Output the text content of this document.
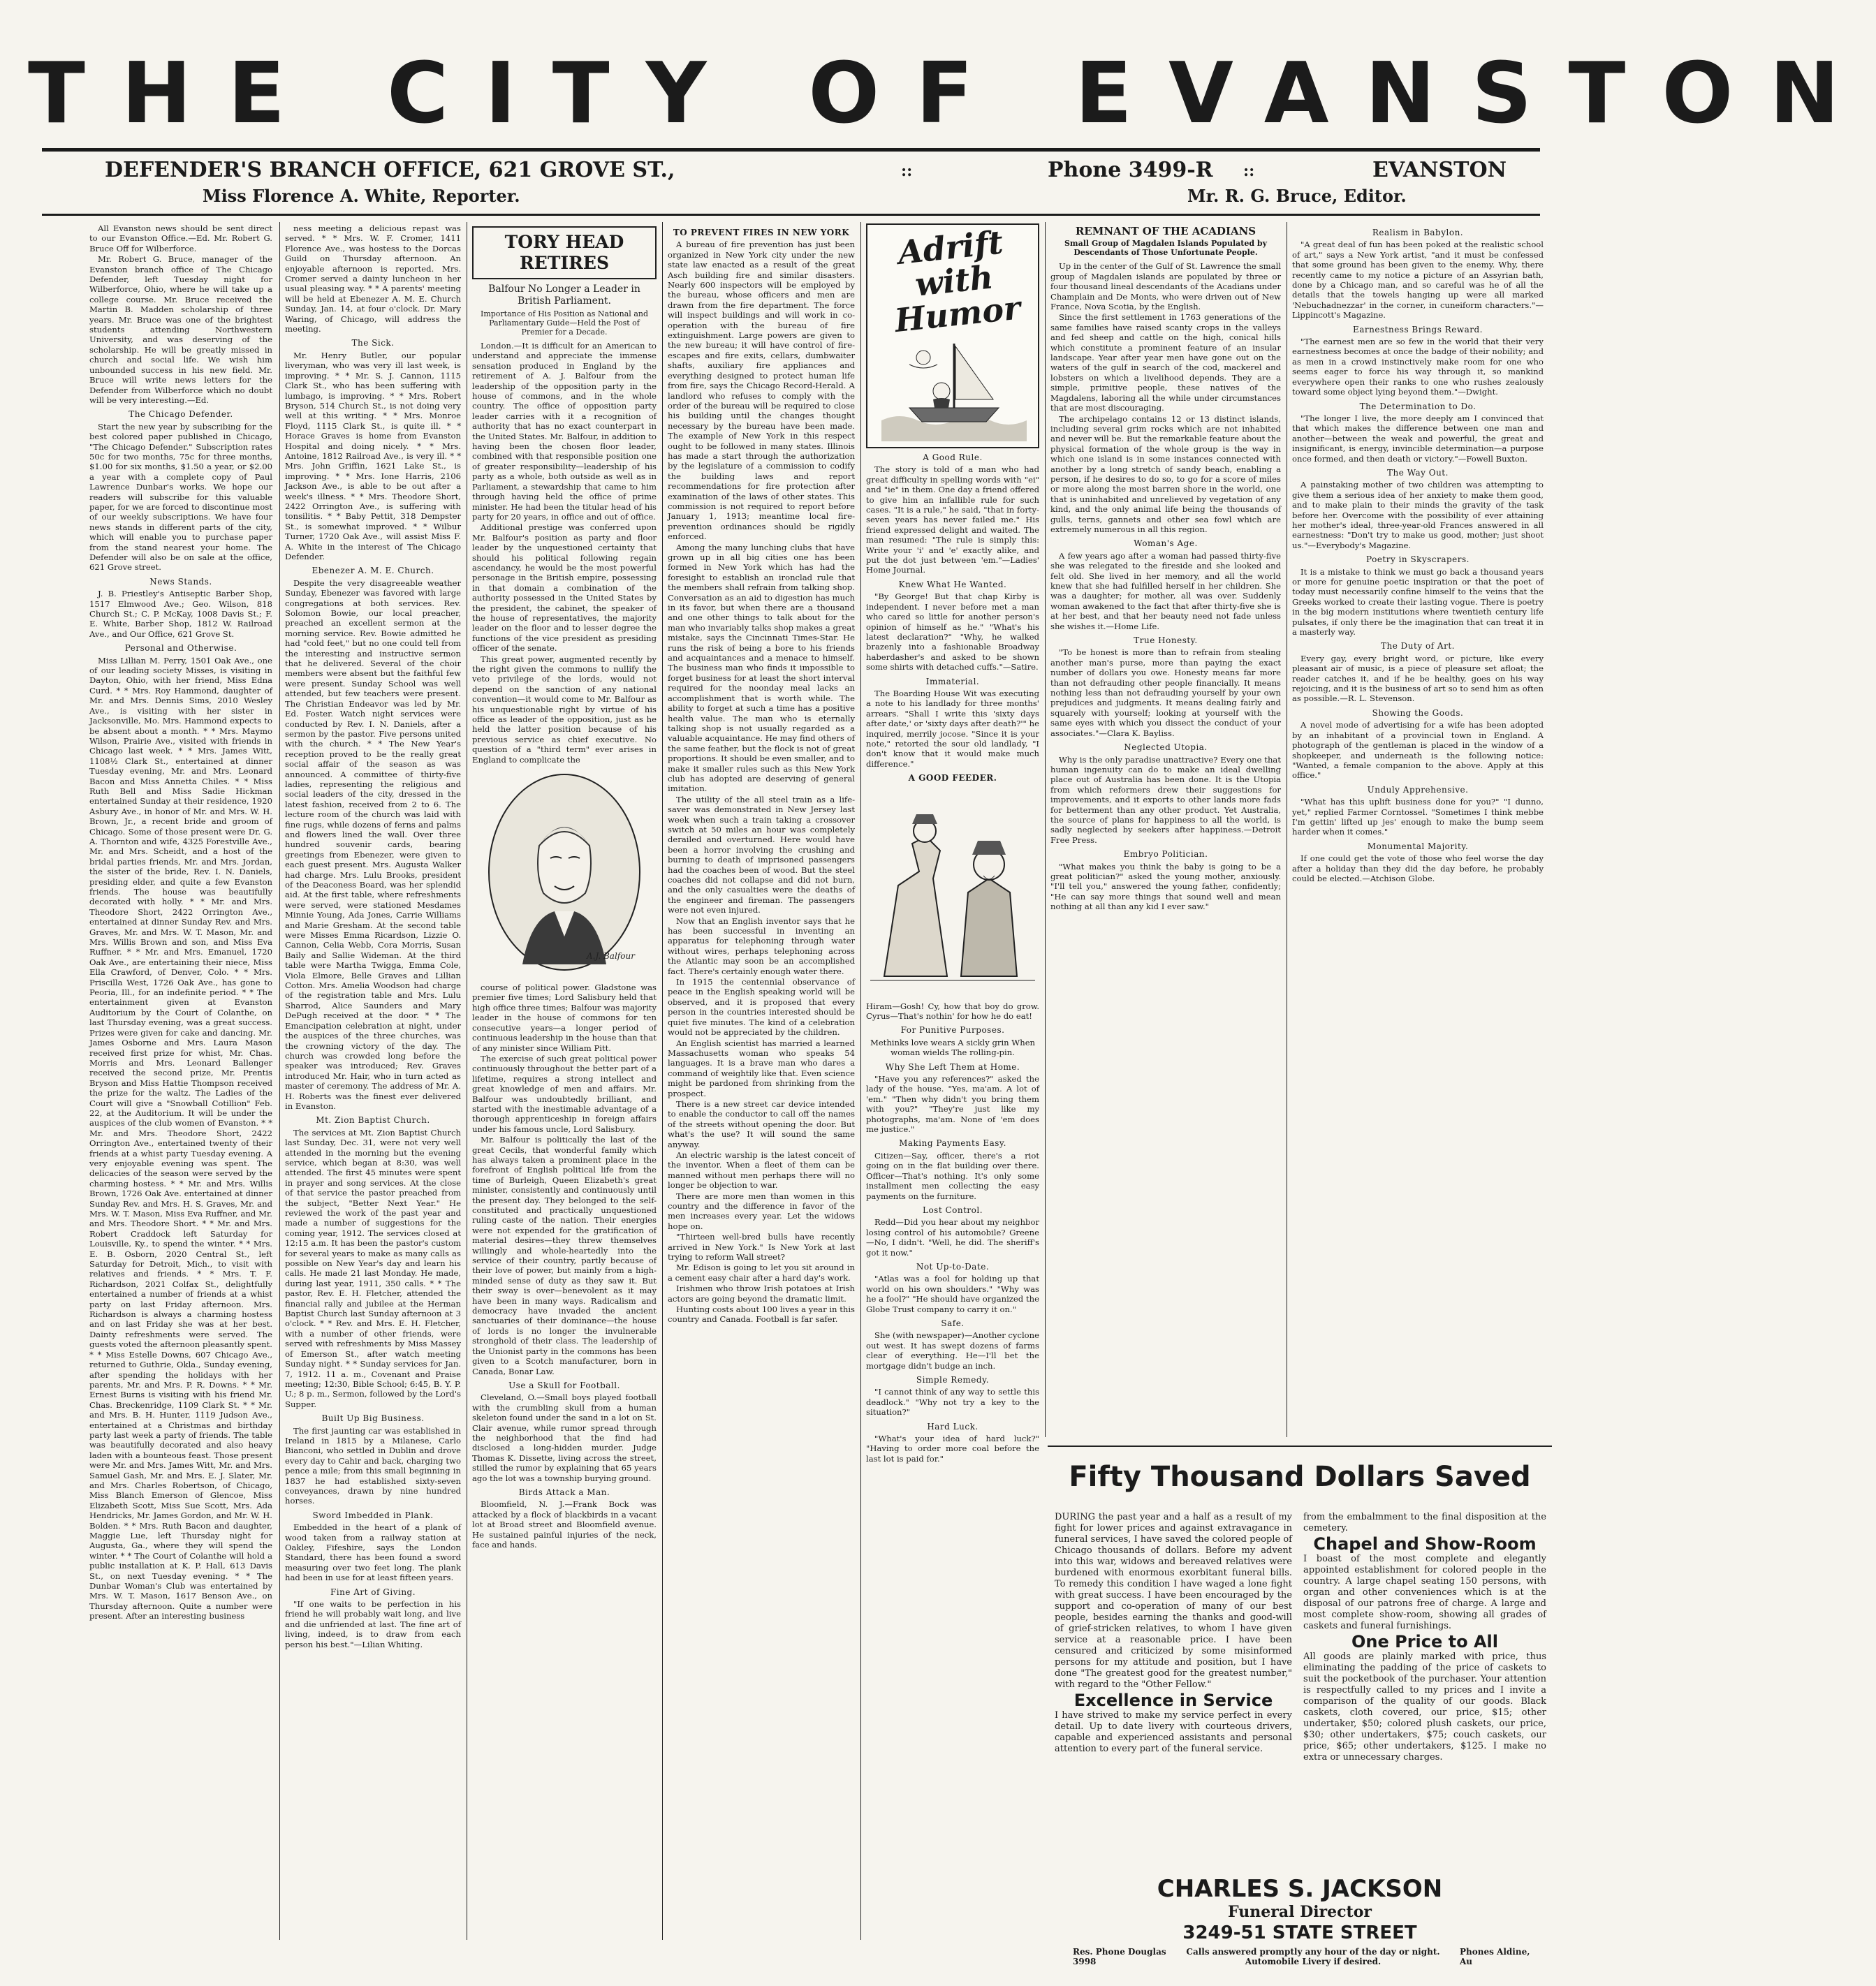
THE CITY OF EVANSTON
DEFENDER'S BRANCH OFFICE, 621 GROVE ST.,	::	Phone 3499-R ::	EVANSTON
Miss Florence A. White, Reporter.	Mr. R. G. Bruce, Editor.

All Evanston news should be sent direct to our Evanston Office.—Ed. Mr. Robert G. Bruce Off for Wilberforce.

Mr. Robert G. Bruce, manager of the Evanston branch office of The Chicago Defender, left Tuesday night for Wilberforce, Ohio, where he will take up a college course. Mr. Bruce received the Martin B. Madden scholarship of three years. Mr. Bruce was one of the brightest students attending Northwestern University, and was deserving of the scholarship. He will be greatly missed in church and social life. We wish him unbounded success in his new field. Mr. Bruce will write news letters for the Defender from Wilberforce which no doubt will be very interesting.—Ed.

The Chicago Defender.

Start the new year by subscribing for the best colored paper published in Chicago, "The Chicago Defender." Subscription rates 50c for two months, 75c for three months, $1.00 for six months, $1.50 a year, or $2.00 a year with a complete copy of Paul Lawrence Dunbar's works. We hope our readers will subscribe for this valuable paper, for we are forced to discontinue most of our weekly subscriptions. We have four news stands in different parts of the city, which will enable you to purchase paper from the stand nearest your home. The Defender will also be on sale at the office, 621 Grove street.

News Stands.

J. B. Priestley's Antiseptic Barber Shop, 1517 Elmwood Ave.; Geo. Wilson, 818 Church St.; C. P. McKay, 1008 Davis St.; F. E. White, Barber Shop, 1812 W. Railroad Ave., and Our Office, 621 Grove St.

Personal and Otherwise.

Miss Lillian M. Perry, 1501 Oak Ave., one of our leading society Misses, is visiting in Dayton, Ohio, with her friend, Miss Edna Curd. * * Mrs. Roy Hammond, daughter of Mr. and Mrs. Dennis Sims, 2010 Wesley Ave., is visiting with her sister in Jacksonville, Mo. Mrs. Hammond expects to be absent about a month. * * Mrs. Maymo Wilson, Prairie Ave., visited with friends in Chicago last week. * * Mrs. James Witt, 1108½ Clark St., entertained at dinner Tuesday evening, Mr. and Mrs. Leonard Bacon and Miss Annetta Chiles. * * Miss Ruth Bell and Miss Sadie Hickman entertained Sunday at their residence, 1920 Asbury Ave., in honor of Mr. and Mrs. W. H. Brown, Jr., a recent bride and groom of Chicago. Some of those present were Dr. G. A. Thornton and wife, 4325 Forestville Ave., Mr. and Mrs. Scheidt, and a host of the bridal parties friends, Mr. and Mrs. Jordan, the sister of the bride, Rev. I. N. Daniels, presiding elder, and quite a few Evanston friends. The house was beautifully decorated with holly. * * Mr. and Mrs. Theodore Short, 2422 Orrington Ave., entertained at dinner Sunday Rev. and Mrs. Graves, Mr. and Mrs. W. T. Mason, Mr. and Mrs. Willis Brown and son, and Miss Eva Ruffner. * * Mr. and Mrs. Emanuel, 1720 Oak Ave., are entertaining their niece, Miss Ella Crawford, of Denver, Colo. * * Mrs. Priscilla West, 1726 Oak Ave., has gone to Peoria, Ill., for an indefinite period. * * The entertainment given at Evanston Auditorium by the Court of Colanthe, on last Thursday evening, was a great success. Prizes were given for cake and dancing. Mr. James Osborne and Mrs. Laura Mason received first prize for whist, Mr. Chas. Morris and Mrs. Leonard Ballenger received the second prize, Mr. Prentis Bryson and Miss Hattie Thompson received the prize for the waltz. The Ladies of the Court will give a "Snowball Cotillion" Feb. 22, at the Auditorium. It will be under the auspices of the club women of Evanston. * * Mr. and Mrs. Theodore Short, 2422 Orrington Ave., entertained twenty of their friends at a whist party Tuesday evening. A very enjoyable evening was spent. The delicacies of the season were served by the charming hostess. * * Mr. and Mrs. Willis Brown, 1726 Oak Ave. entertained at dinner Sunday Rev. and Mrs. H. S. Graves, Mr. and Mrs. W. T. Mason, Miss Eva Ruffner, and Mr. and Mrs. Theodore Short. * * Mr. and Mrs. Robert Craddock left Saturday for Louisville, Ky., to spend the winter. * * Mrs. E. B. Osborn, 2020 Central St., left Saturday for Detroit, Mich., to visit with relatives and friends. * * Mrs. T. F. Richardson, 2021 Colfax St., delightfully entertained a number of friends at a whist party on last Friday afternoon. Mrs. Richardson is always a charming hostess and on last Friday she was at her best. Dainty refreshments were served. The guests voted the afternoon pleasantly spent. * * Miss Estelle Downs, 607 Chicago Ave., returned to Guthrie, Okla., Sunday evening, after spending the holidays with her parents, Mr. and Mrs. P. R. Downs. * * Mr. Ernest Burns is visiting with his friend Mr. Chas. Breckenridge, 1109 Clark St. * * Mr. and Mrs. B. H. Hunter, 1119 Judson Ave., entertained at a Christmas and birthday party last week a party of friends. The table was beautifully decorated and also heavy laden with a bounteous feast. Those present were Mr. and Mrs. James Witt, Mr. and Mrs. Samuel Gash, Mr. and Mrs. E. J. Slater, Mr. and Mrs. Charles Robertson, of Chicago, Miss Blanch Emerson of Glencoe, Miss Elizabeth Scott, Miss Sue Scott, Mrs. Ada Hendricks, Mr. James Gordon, and Mr. W. H. Bolden. * * Mrs. Ruth Bacon and daughter, Maggie Lue, left Thursday night for Augusta, Ga., where they will spend the winter. * * The Court of Colanthe will hold a public installation at K. P. Hall, 613 Davis St., on next Tuesday evening. * * The Dunbar Woman's Club was entertained by Mrs. W. T. Mason, 1617 Benson Ave., on Thursday afternoon. Quite a number were present. After an interesting business

ness meeting a delicious repast was served. * * Mrs. W. F. Cromer, 1411 Florence Ave., was hostess to the Dorcas Guild on Thursday afternoon. An enjoyable afternoon is reported. Mrs. Cromer served a dainty luncheon in her usual pleasing way. * * A parents' meeting will be held at Ebenezer A. M. E. Church Sunday, Jan. 14, at four o'clock. Dr. Mary Waring, of Chicago, will address the meeting.

The Sick.

Mr. Henry Butler, our popular liveryman, who was very ill last week, is improving. * * Mr. S. J. Cannon, 1115 Clark St., who has been suffering with lumbago, is improving. * * Mrs. Robert Bryson, 514 Church St., is not doing very well at this writing. * * Mrs. Monroe Floyd, 1115 Clark St., is quite ill. * * Horace Graves is home from Evanston Hospital and doing nicely. * * Mrs. Antoine, 1812 Railroad Ave., is very ill. * * Mrs. John Griffin, 1621 Lake St., is improving. * * Mrs. Ione Harris, 2106 Jackson Ave., is able to be out after a week's illness. * * Mrs. Theodore Short, 2422 Orrington Ave., is suffering with tonsilitis. * * Baby Pettit, 318 Dempster St., is somewhat improved. * * Wilbur Turner, 1720 Oak Ave., will assist Miss F. A. White in the interest of The Chicago Defender.

Ebenezer A. M. E. Church.

Despite the very disagreeable weather Sunday, Ebenezer was favored with large congregations at both services. Rev. Solomon Bowie, our local preacher, preached an excellent sermon at the morning service. Rev. Bowie admitted he had "cold feet," but no one could tell from the interesting and instructive sermon that he delivered. Several of the choir members were absent but the faithful few were present. Sunday School was well attended, but few teachers were present. The Christian Endeavor was led by Mr. Ed. Foster. Watch night services were conducted by Rev. I. N. Daniels, after a sermon by the pastor. Five persons united with the church. * * The New Year's reception proved to be the really great social affair of the season as was announced. A committee of thirty-five ladies, representing the religious and social leaders of the city, dressed in the latest fashion, received from 2 to 6. The lecture room of the church was laid with fine rugs, while dozens of ferns and palms and flowers lined the wall. Over three hundred souvenir cards, bearing greetings from Ebenezer, were given to each guest present. Mrs. Augusta Walker had charge. Mrs. Lulu Brooks, president of the Deaconess Board, was her splendid aid. At the first table, where refreshments were served, were stationed Mesdames Minnie Young, Ada Jones, Carrie Williams and Marie Gresham. At the second table were Misses Emma Ricardson, Lizzie O. Cannon, Celia Webb, Cora Morris, Susan Baily and Sallie Wideman. At the third table were Martha Twigga, Emma Cole, Viola Elmore, Belle Graves and Lillian Cotton. Mrs. Amelia Woodson had charge of the registration table and Mrs. Lulu Sharrod, Alice Saunders and Mary DePugh received at the door. * * The Emancipation celebration at night, under the auspices of the three churches, was the crowning victory of the day. The church was crowded long before the speaker was introduced; Rev. Graves introduced Mr. Hair, who in turn acted as master of ceremony. The address of Mr. A. H. Roberts was the finest ever delivered in Evanston.

Mt. Zion Baptist Church.

The services at Mt. Zion Baptist Church last Sunday, Dec. 31, were not very well attended in the morning but the evening service, which began at 8:30, was well attended. The first 45 minutes were spent in prayer and song services. At the close of that service the pastor preached from the subject, "Better Next Year." He reviewed the work of the past year and made a number of suggestions for the coming year, 1912. The services closed at 12:15 a.m. It has been the pastor's custom for several years to make as many calls as possible on New Year's day and learn his calls. He made 21 last Monday. He made, during last year, 1911, 350 calls. * * The pastor, Rev. E. H. Fletcher, attended the financial rally and jubilee at the Herman Baptist Church last Sunday afternoon at 3 o'clock. * * Rev. and Mrs. E. H. Fletcher, with a number of other friends, were served with refreshments by Miss Massey of Emerson St., after watch meeting Sunday night. * * Sunday services for Jan. 7, 1912. 11 a. m., Covenant and Praise meeting; 12:30, Bible School; 6:45, B. Y. P. U.; 8 p. m., Sermon, followed by the Lord's Supper.

Built Up Big Business.

The first jaunting car was established in Ireland in 1815 by a Milanese, Carlo Bianconi, who settled in Dublin and drove every day to Cahir and back, charging two pence a mile; from this small beginning in 1837 he had established sixty-seven conveyances, drawn by nine hundred horses.

Sword Imbedded in Plank.

Embedded in the heart of a plank of wood taken from a railway station at Oakley, Fifeshire, says the London Standard, there has been found a sword measuring over two feet long. The plank had been in use for at least fifteen years.

Fine Art of Giving.

"If one waits to be perfection in his friend he will probably wait long, and live and die unfriended at last. The fine art of living, indeed, is to draw from each person his best."—Lilian Whiting.

TORY HEAD RETIRES
Balfour No Longer a Leader in British Parliament.
Importance of His Position as National and Parliamentary Guide—Held the Post of Premier for a Decade.

London.—It is difficult for an American to understand and appreciate the immense sensation produced in England by the retirement of A. J. Balfour from the leadership of the opposition party in the house of commons, and in the whole country. The office of opposition party leader carries with it a recognition of authority that has no exact counterpart in the United States. Mr. Balfour, in addition to having been the chosen floor leader, combined with that responsible position one of greater responsibility—leadership of his party as a whole, both outside as well as in Parliament, a stewardship that came to him through having held the office of prime minister. He had been the titular head of his party for 20 years, in office and out of office.

Additional prestige was conferred upon Mr. Balfour's position as party and floor leader by the unquestioned certainty that should his political following regain ascendancy, he would be the most powerful personage in the British empire, possessing in that domain a combination of the authority possessed in the United States by the president, the cabinet, the speaker of the house of representatives, the majority leader on the floor and to lesser degree the functions of the vice president as presiding officer of the senate.

This great power, augmented recently by the right given the commons to nullify the veto privilege of the lords, would not depend on the sanction of any national convention—it would come to Mr. Balfour as his unquestionable right by virtue of his office as leader of the opposition, just as he held the latter position because of his previous service as chief executive. No question of a "third term" ever arises in England to complicate the

A.J. Balfour

course of political power. Gladstone was premier five times; Lord Salisbury held that high office three times; Balfour was majority leader in the house of commons for ten consecutive years—a longer period of continuous leadership in the house than that of any minister since William Pitt.

The exercise of such great political power continuously throughout the better part of a lifetime, requires a strong intellect and great knowledge of men and affairs. Mr. Balfour was undoubtedly brilliant, and started with the inestimable advantage of a thorough apprenticeship in foreign affairs under his famous uncle, Lord Salisbury.

Mr. Balfour is politically the last of the great Cecils, that wonderful family which has always taken a prominent place in the forefront of English political life from the time of Burleigh, Queen Elizabeth's great minister, consistently and continuously until the present day. They belonged to the self-constituted and practically unquestioned ruling caste of the nation. Their energies were not expended for the gratification of material desires—they threw themselves willingly and whole-heartedly into the service of their country, partly because of their love of power, but mainly from a high-minded sense of duty as they saw it. But their sway is over—benevolent as it may have been in many ways. Radicalism and democracy have invaded the ancient sanctuaries of their dominance—the house of lords is no longer the invulnerable stronghold of their class. The leadership of the Unionist party in the commons has been given to a Scotch manufacturer, born in Canada, Bonar Law.

Use a Skull for Football.

Cleveland, O.—Small boys played football with the crumbling skull from a human skeleton found under the sand in a lot on St. Clair avenue, while rumor spread through the neighborhood that the find had disclosed a long-hidden murder. Judge Thomas K. Dissette, living across the street, stilled the rumor by explaining that 65 years ago the lot was a township burying ground.

Birds Attack a Man.

Bloomfield, N. J.—Frank Bock was attacked by a flock of blackbirds in a vacant lot at Broad street and Bloomfield avenue. He sustained painful injuries of the neck, face and hands.

TO PREVENT FIRES IN NEW YORK

A bureau of fire prevention has just been organized in New York city under the new state law enacted as a result of the great Asch building fire and similar disasters. Nearly 600 inspectors will be employed by the bureau, whose officers and men are drawn from the fire department. The force will inspect buildings and will work in co-operation with the bureau of fire extinguishment. Large powers are given to the new bureau; it will have control of fire-escapes and fire exits, cellars, dumbwaiter shafts, auxiliary fire appliances and everything designed to protect human life from fire, says the Chicago Record-Herald. A landlord who refuses to comply with the order of the bureau will be required to close his building until the changes thought necessary by the bureau have been made. The example of New York in this respect ought to be followed in many states. Illinois has made a start through the authorization by the legislature of a commission to codify the building laws and report recommendations for fire protection after examination of the laws of other states. This commission is not required to report before January 1, 1913; meantime local fire-prevention ordinances should be rigidly enforced.

Among the many lunching clubs that have grown up in all big cities one has been formed in New York which has had the foresight to establish an ironclad rule that the members shall refrain from talking shop. Conversation as an aid to digestion has much in its favor, but when there are a thousand and one other things to talk about for the man who invariably talks shop makes a great mistake, says the Cincinnati Times-Star. He runs the risk of being a bore to his friends and acquaintances and a menace to himself. The business man who finds it impossible to forget business for at least the short interval required for the noonday meal lacks an accomplishment that is worth while. The ability to forget at such a time has a positive health value. The man who is eternally talking shop is not usually regarded as a valuable acquaintance. He may find others of the same feather, but the flock is not of great proportions. It should be even smaller, and to make it smaller rules such as this New York club has adopted are deserving of general imitation.

The utility of the all steel train as a life-saver was demonstrated in New Jersey last week when such a train taking a crossover switch at 50 miles an hour was completely derailed and overturned. Here would have been a horror involving the crushing and burning to death of imprisoned passengers had the coaches been of wood. But the steel coaches did not collapse and did not burn, and the only casualties were the deaths of the engineer and fireman. The passengers were not even injured.

Now that an English inventor says that he has been successful in inventing an apparatus for telephoning through water without wires, perhaps telephoning across the Atlantic may soon be an accomplished fact. There's certainly enough water there.

In 1915 the centennial observance of peace in the English speaking world will be observed, and it is proposed that every person in the countries interested should be quiet five minutes. The kind of a celebration would not be appreciated by the children.

An English scientist has married a learned Massachusetts woman who speaks 54 languages. It is a brave man who dares a command of weightily like that. Even science might be pardoned from shrinking from the prospect.

There is a new street car device intended to enable the conductor to call off the names of the streets without opening the door. But what's the use? It will sound the same anyway.

An electric warship is the latest conceit of the inventor. When a fleet of them can be manned without men perhaps there will no longer be objection to war.

There are more men than women in this country and the difference in favor of the men increases every year. Let the widows hope on.

"Thirteen well-bred bulls have recently arrived in New York." Is New York at last trying to reform Wall street?

Mr. Edison is going to let you sit around in a cement easy chair after a hard day's work.

Irishmen who throw Irish potatoes at Irish actors are going beyond the dramatic limit.

Hunting costs about 100 lives a year in this country and Canada. Football is far safer.

Adrift with Humor
A Good Rule.

The story is told of a man who had great difficulty in spelling words with "ei" and "ie" in them. One day a friend offered to give him an infallible rule for such cases. "It is a rule," he said, "that in forty-seven years has never failed me." His friend expressed delight and waited. The man resumed: "The rule is simply this: Write your 'i' and 'e' exactly alike, and put the dot just between 'em."—Ladies' Home Journal.

Knew What He Wanted.

"By George! But that chap Kirby is independent. I never before met a man who cared so little for another person's opinion of himself as he." "What's his latest declaration?" "Why, he walked brazenly into a fashionable Broadway haberdasher's and asked to be shown some shirts with detached cuffs."—Satire.

Immaterial.

The Boarding House Wit was executing a note to his landlady for three months' arrears. "Shall I write this 'sixty days after date,' or 'sixty days after death?'" he inquired, merrily jocose. "Since it is your note," retorted the sour old landlady, "I don't know that it would make much difference."

A GOOD FEEDER.

Hiram—Gosh! Cy, how that boy do grow. Cyrus—That's nothin' for how he do eat!

For Punitive Purposes.

Methinks love wears A sickly grin When woman wields The rolling-pin.

Why She Left Them at Home.

"Have you any references?" asked the lady of the house. "Yes, ma'am. A lot of 'em." "Then why didn't you bring them with you?" "They're just like my photographs, ma'am. None of 'em does me justice."

Making Payments Easy.

Citizen—Say, officer, there's a riot going on in the flat building over there. Officer—That's nothing. It's only some installment men collecting the easy payments on the furniture.

Lost Control.

Redd—Did you hear about my neighbor losing control of his automobile? Greene—No, I didn't. "Well, he did. The sheriff's got it now."

Not Up-to-Date.

"Atlas was a fool for holding up that world on his own shoulders." "Why was he a fool?" "He should have organized the Globe Trust company to carry it on."

Safe.

She (with newspaper)—Another cyclone out west. It has swept dozens of farms clear of everything. He—I'll bet the mortgage didn't budge an inch.

Simple Remedy.

"I cannot think of any way to settle this deadlock." "Why not try a key to the situation?"

Hard Luck.

"What's your idea of hard luck?" "Having to order more coal before the last lot is paid for."

REMNANT OF THE ACADIANS
Small Group of Magdalen Islands Populated by Descendants of Those Unfortunate People.

Up in the center of the Gulf of St. Lawrence the small group of Magdalen islands are populated by three or four thousand lineal descendants of the Acadians under Champlain and De Monts, who were driven out of New France, Nova Scotia, by the English.

Since the first settlement in 1763 generations of the same families have raised scanty crops in the valleys and fed sheep and cattle on the high, conical hills which constitute a prominent feature of an insular landscape. Year after year men have gone out on the waters of the gulf in search of the cod, mackerel and lobsters on which a livelihood depends. They are a simple, primitive people, these natives of the Magdalens, laboring all the while under circumstances that are most discouraging.

The archipelago contains 12 or 13 distinct islands, including several grim rocks which are not inhabited and never will be. But the remarkable feature about the physical formation of the whole group is the way in which one island is in some instances connected with another by a long stretch of sandy beach, enabling a person, if he desires to do so, to go for a score of miles or more along the most barren shore in the world, one that is uninhabited and unrelieved by vegetation of any kind, and the only animal life being the thousands of gulls, terns, gannets and other sea fowl which are extremely numerous in all this region.

Woman's Age.

A few years ago after a woman had passed thirty-five she was relegated to the fireside and she looked and felt old. She lived in her memory, and all the world knew that she had fulfilled herself in her children. She was a daughter; for mother, all was over. Suddenly woman awakened to the fact that after thirty-five she is at her best, and that her beauty need not fade unless she wishes it.—Home Life.

True Honesty.

"To be honest is more than to refrain from stealing another man's purse, more than paying the exact number of dollars you owe. Honesty means far more than not defrauding other people financially. It means nothing less than not defrauding yourself by your own prejudices and judgments. It means dealing fairly and squarely with yourself; looking at yourself with the same eyes with which you dissect the conduct of your associates."—Clara K. Bayliss.

Neglected Utopia.

Why is the only paradise unattractive? Every one that human ingenuity can do to make an ideal dwelling place out of Australia has been done. It is the Utopia from which reformers drew their suggestions for improvements, and it exports to other lands more fads for betterment than any other product. Yet Australia, the source of plans for happiness to all the world, is sadly neglected by seekers after happiness.—Detroit Free Press.

Embryo Politician.

"What makes you think the baby is going to be a great politician?" asked the young mother, anxiously. "I'll tell you," answered the young father, confidently; "He can say more things that sound well and mean nothing at all than any kid I ever saw."

Realism in Babylon.

"A great deal of fun has been poked at the realistic school of art," says a New York artist, "and it must be confessed that some ground has been given to the enemy. Why, there recently came to my notice a picture of an Assyrian bath, done by a Chicago man, and so careful was he of all the details that the towels hanging up were all marked 'Nebuchadnezzar' in the corner, in cuneiform characters."—Lippincott's Magazine.

Earnestness Brings Reward.

"The earnest men are so few in the world that their very earnestness becomes at once the badge of their nobility; and as men in a crowd instinctively make room for one who seems eager to force his way through it, so mankind everywhere open their ranks to one who rushes zealously toward some object lying beyond them."—Dwight.

The Determination to Do.

"The longer I live, the more deeply am I convinced that that which makes the difference between one man and another—between the weak and powerful, the great and insignificant, is energy, invincible determination—a purpose once formed, and then death or victory."—Fowell Buxton.

The Way Out.

A painstaking mother of two children was attempting to give them a serious idea of her anxiety to make them good, and to make plain to their minds the gravity of the task before her. Overcome with the possibility of ever attaining her mother's ideal, three-year-old Frances answered in all earnestness: "Don't try to make us good, mother; just shoot us."—Everybody's Magazine.

Poetry in Skyscrapers.

It is a mistake to think we must go back a thousand years or more for genuine poetic inspiration or that the poet of today must necessarily confine himself to the veins that the Greeks worked to create their lasting vogue. There is poetry in the big modern institutions where twentieth century life pulsates, if only there be the imagination that can treat it in a masterly way.

The Duty of Art.

Every gay, every bright word, or picture, like every pleasant air of music, is a piece of pleasure set afloat; the reader catches it, and if he be healthy, goes on his way rejoicing, and it is the business of art so to send him as often as possible.—R. L. Stevenson.

Showing the Goods.

A novel mode of advertising for a wife has been adopted by an inhabitant of a provincial town in England. A photograph of the gentleman is placed in the window of a shopkeeper, and underneath is the following notice: "Wanted, a female companion to the above. Apply at this office."

Unduly Apprehensive.

"What has this uplift business done for you?" "I dunno, yet," replied Farmer Corntossel. "Sometimes I think mebbe I'm gettin' lifted up jes' enough to make the bump seem harder when it comes."

Monumental Majority.

If one could get the vote of those who feel worse the day after a holiday than they did the day before, he probably could be elected.—Atchison Globe.

Fifty Thousand Dollars Saved

DURING the past year and a half as a result of my fight for lower prices and against extravagance in funeral services, I have saved the colored people of Chicago thousands of dollars. Before my advent into this war, widows and bereaved relatives were burdened with enormous exorbitant funeral bills. To remedy this condition I have waged a lone fight with great success. I have been encouraged by the support and co-operation of many of our best people, besides earning the thanks and good-will of grief-stricken relatives, to whom I have given service at a reasonable price. I have been censured and criticized by some misinformed persons for my attitude and position, but I have done "The greatest good for the greatest number," with regard to the "Other Fellow."

Excellence in Service

I have strived to make my service perfect in every detail. Up to date livery with courteous drivers, capable and experienced assistants and personal attention to every part of the funeral service.

from the embalmment to the final disposition at the cemetery.

Chapel and Show-Room

I boast of the most complete and elegantly appointed establishment for colored people in the country. A large chapel seating 150 persons, with organ and other conveniences which is at the disposal of our patrons free of charge. A large and most complete show-room, showing all grades of caskets and funeral furnishings.

One Price to All

All goods are plainly marked with price, thus eliminating the padding of the price of caskets to suit the pocketbook of the purchaser. Your attention is respectfully called to my prices and I invite a comparison of the quality of our goods. Black caskets, cloth covered, our price, $15; other undertaker, $50; colored plush caskets, our price, $30; other undertakers, $75; couch caskets, our price, $65; other undertakers, $125. I make no extra or unnecessary charges.

CHARLES S. JACKSON
Funeral Director
3249-51 STATE STREET
Res. Phone Douglas 3998
Phones Aldine, Au
Calls answered promptly any hour of the day or night. Automobile Livery if desired.
